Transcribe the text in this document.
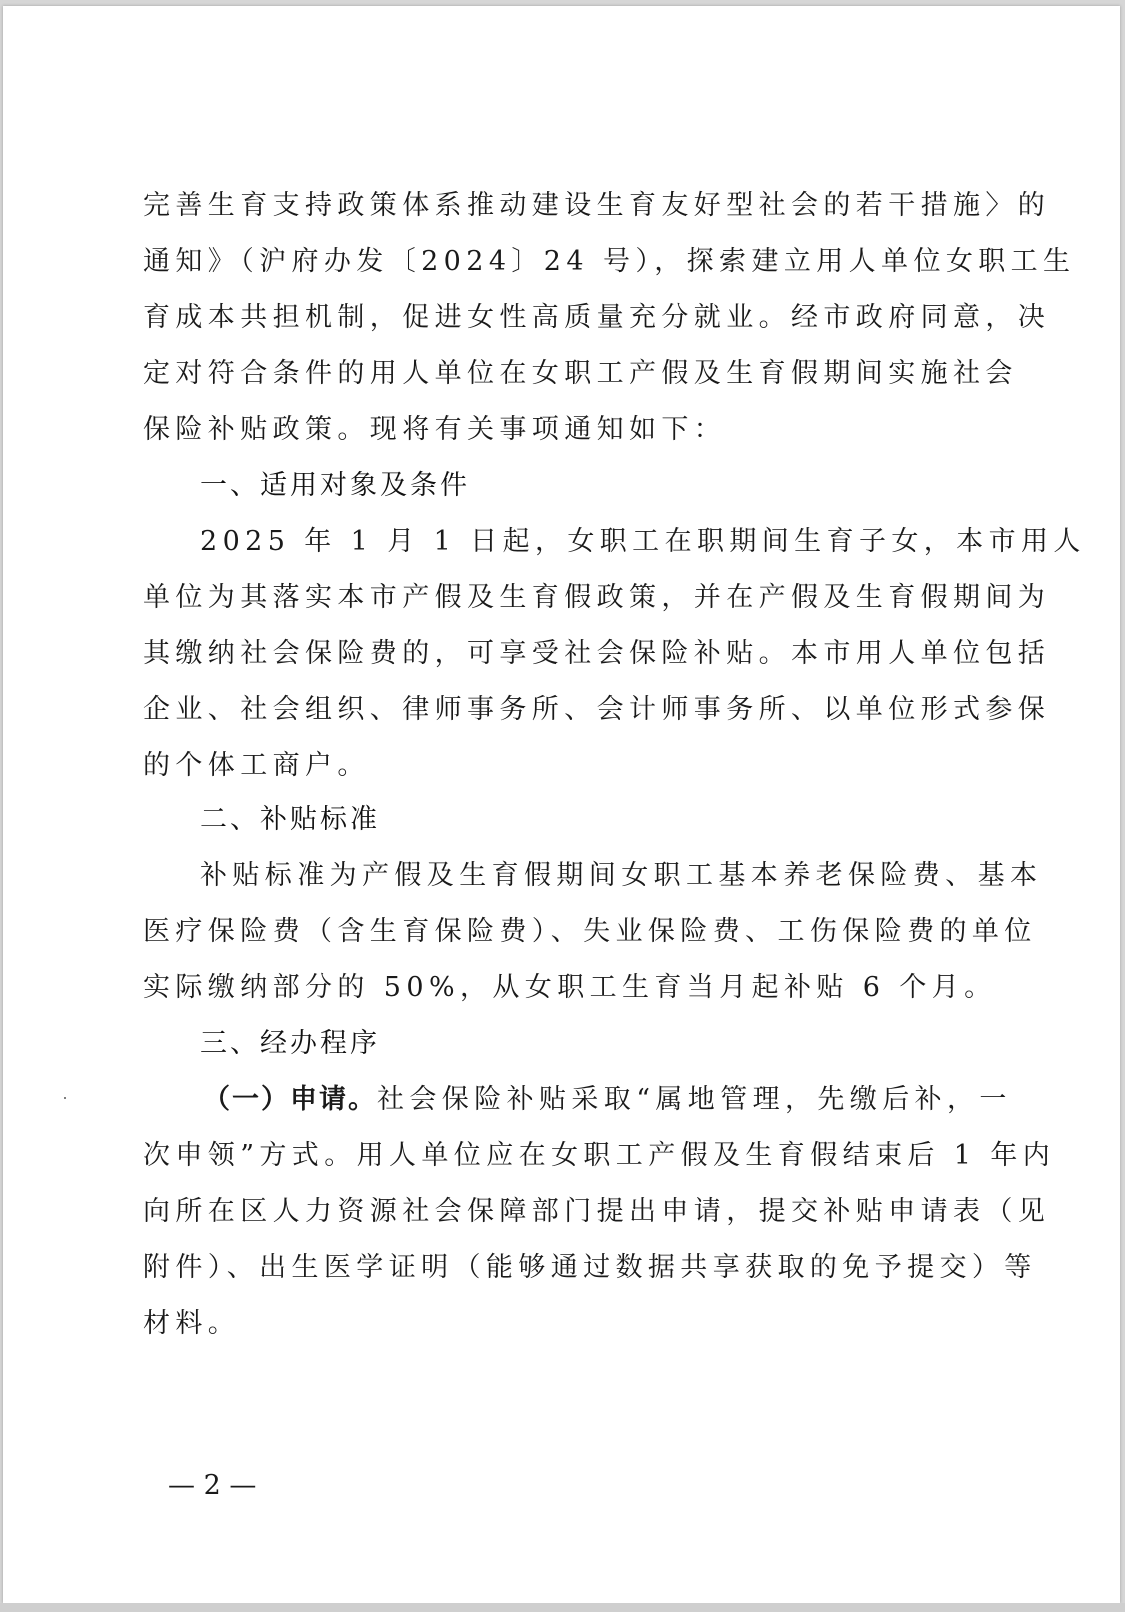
完善生育支持政策体系推动建设生育友好型社会的若干措施〉的
通知》（沪府办发〔2024〕24 号），探索建立用人单位女职工生
育成本共担机制，促进女性高质量充分就业。经市政府同意，决
定对符合条件的用人单位在女职工产假及生育假期间实施社会
保险补贴政策。现将有关事项通知如下：
一、适用对象及条件
2025 年 1 月 1 日起，女职工在职期间生育子女，本市用人
单位为其落实本市产假及生育假政策，并在产假及生育假期间为
其缴纳社会保险费的，可享受社会保险补贴。本市用人单位包括
企业、社会组织、律师事务所、会计师事务所、以单位形式参保
的个体工商户。
二、补贴标准
补贴标准为产假及生育假期间女职工基本养老保险费、基本
医疗保险费（含生育保险费）、失业保险费、工伤保险费的单位
实际缴纳部分的 50%，从女职工生育当月起补贴 6 个月。
三、经办程序
（一）申请。社会保险补贴采取“属地管理，先缴后补，一
次申领”方式。用人单位应在女职工产假及生育假结束后 1 年内
向所在区人力资源社会保障部门提出申请，提交补贴申请表（见
附件）、出生医学证明（能够通过数据共享获取的免予提交）等
材料。
— 2 —
